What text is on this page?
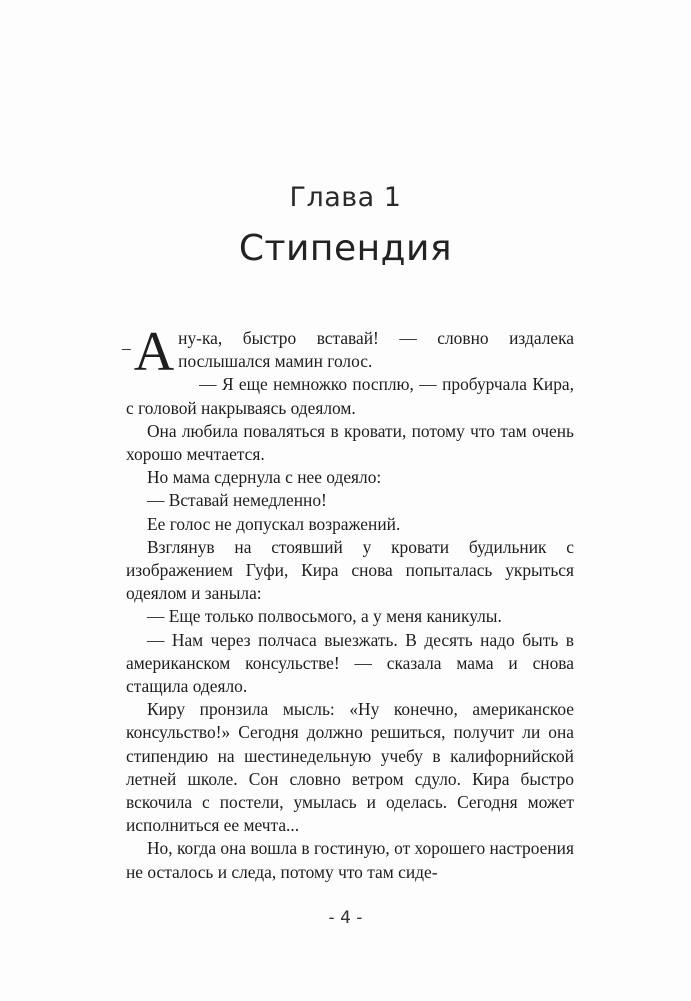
Глава 1
Стипендия

– А ну-ка, быстро вставай! — словно издалека послышался мамин голос.

— Я еще немножко посплю, — пробурчала Кира, с головой накрываясь одеялом.

Она любила поваляться в кровати, потому что там очень хорошо мечтается.

Но мама сдернула с нее одеяло:

— Вставай немедленно!

Ее голос не допускал возражений.

Взглянув на стоявший у кровати будильник с изображением Гуфи, Кира снова попыталась укрыться одеялом и заныла:

— Еще только полвосьмого, а у меня каникулы.

— Нам через полчаса выезжать. В десять надо быть в американском консульстве! — сказала мама и снова стащила одеяло.

Киру пронзила мысль: «Ну конечно, американское консульство!» Сегодня должно решиться, получит ли она стипендию на шестинедельную учебу в калифорнийской летней школе. Сон словно ветром сдуло. Кира быстро вскочила с постели, умылась и оделась. Сегодня может исполниться ее мечта...

Но, когда она вошла в гостиную, от хорошего настроения не осталось и следа, потому что там сиде-

- 4 -
